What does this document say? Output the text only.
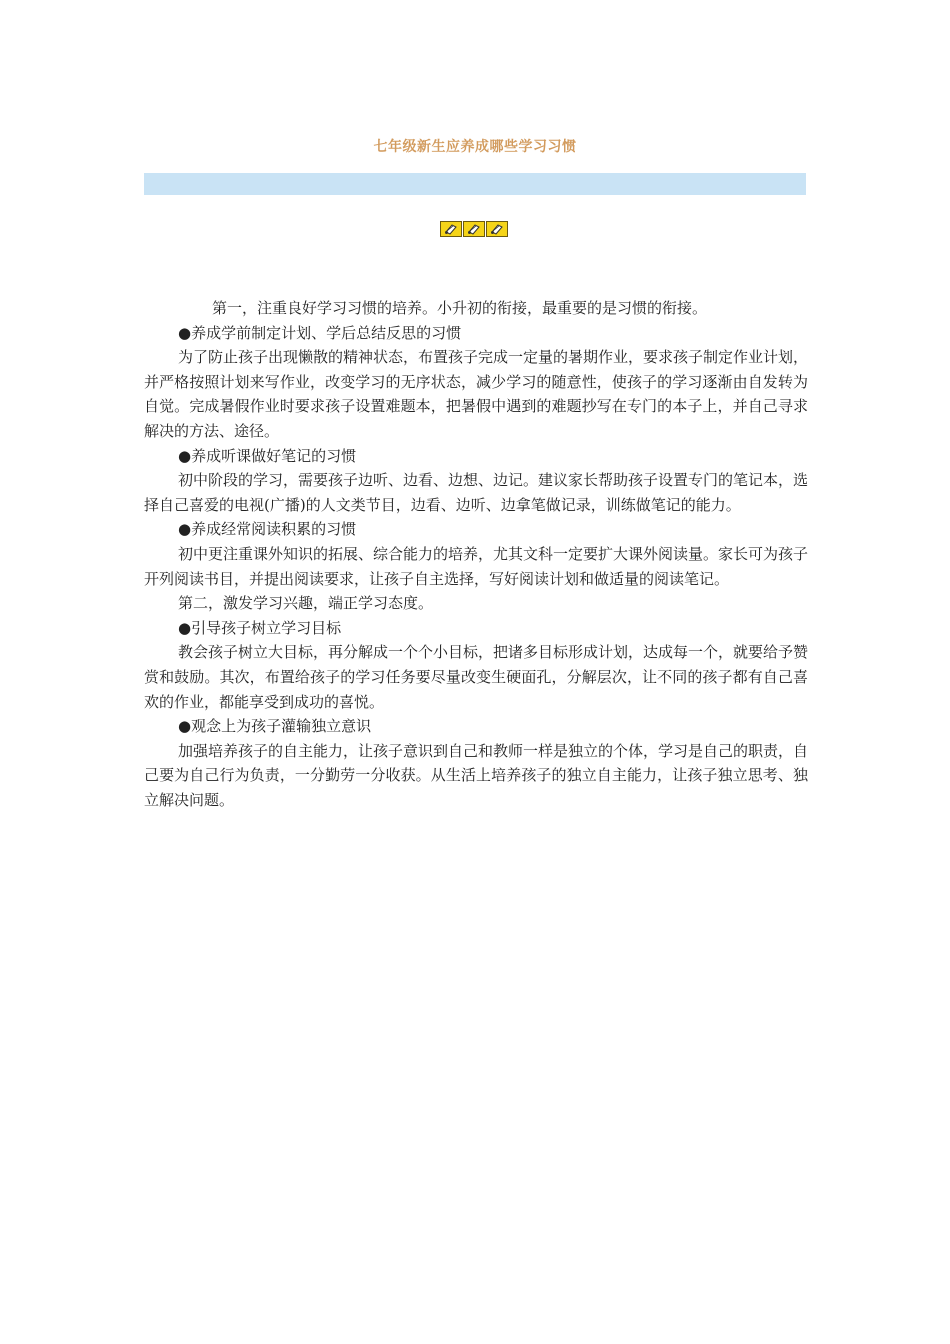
七年级新生应养成哪些学习习惯

第一，注重良好学习习惯的培养。小升初的衔接，最重要的是习惯的衔接。

●养成学前制定计划、学后总结反思的习惯

为了防止孩子出现懒散的精神状态，布置孩子完成一定量的暑期作业，要求孩子制定作业计划，并严格按照计划来写作业，改变学习的无序状态，减少学习的随意性，使孩子的学习逐渐由自发转为自觉。完成暑假作业时要求孩子设置难题本，把暑假中遇到的难题抄写在专门的本子上，并自己寻求解决的方法、途径。

●养成听课做好笔记的习惯

初中阶段的学习，需要孩子边听、边看、边想、边记。建议家长帮助孩子设置专门的笔记本，选择自己喜爱的电视(广播)的人文类节目，边看、边听、边拿笔做记录，训练做笔记的能力。

●养成经常阅读积累的习惯

初中更注重课外知识的拓展、综合能力的培养，尤其文科一定要扩大课外阅读量。家长可为孩子开列阅读书目，并提出阅读要求，让孩子自主选择，写好阅读计划和做适量的阅读笔记。

第二，激发学习兴趣，端正学习态度。

●引导孩子树立学习目标

教会孩子树立大目标，再分解成一个个小目标，把诸多目标形成计划，达成每一个，就要给予赞赏和鼓励。其次，布置给孩子的学习任务要尽量改变生硬面孔，分解层次，让不同的孩子都有自己喜欢的作业，都能享受到成功的喜悦。

●观念上为孩子灌输独立意识

加强培养孩子的自主能力，让孩子意识到自己和教师一样是独立的个体，学习是自己的职责，自己要为自己行为负责，一分勤劳一分收获。从生活上培养孩子的独立自主能力，让孩子独立思考、独立解决问题。
